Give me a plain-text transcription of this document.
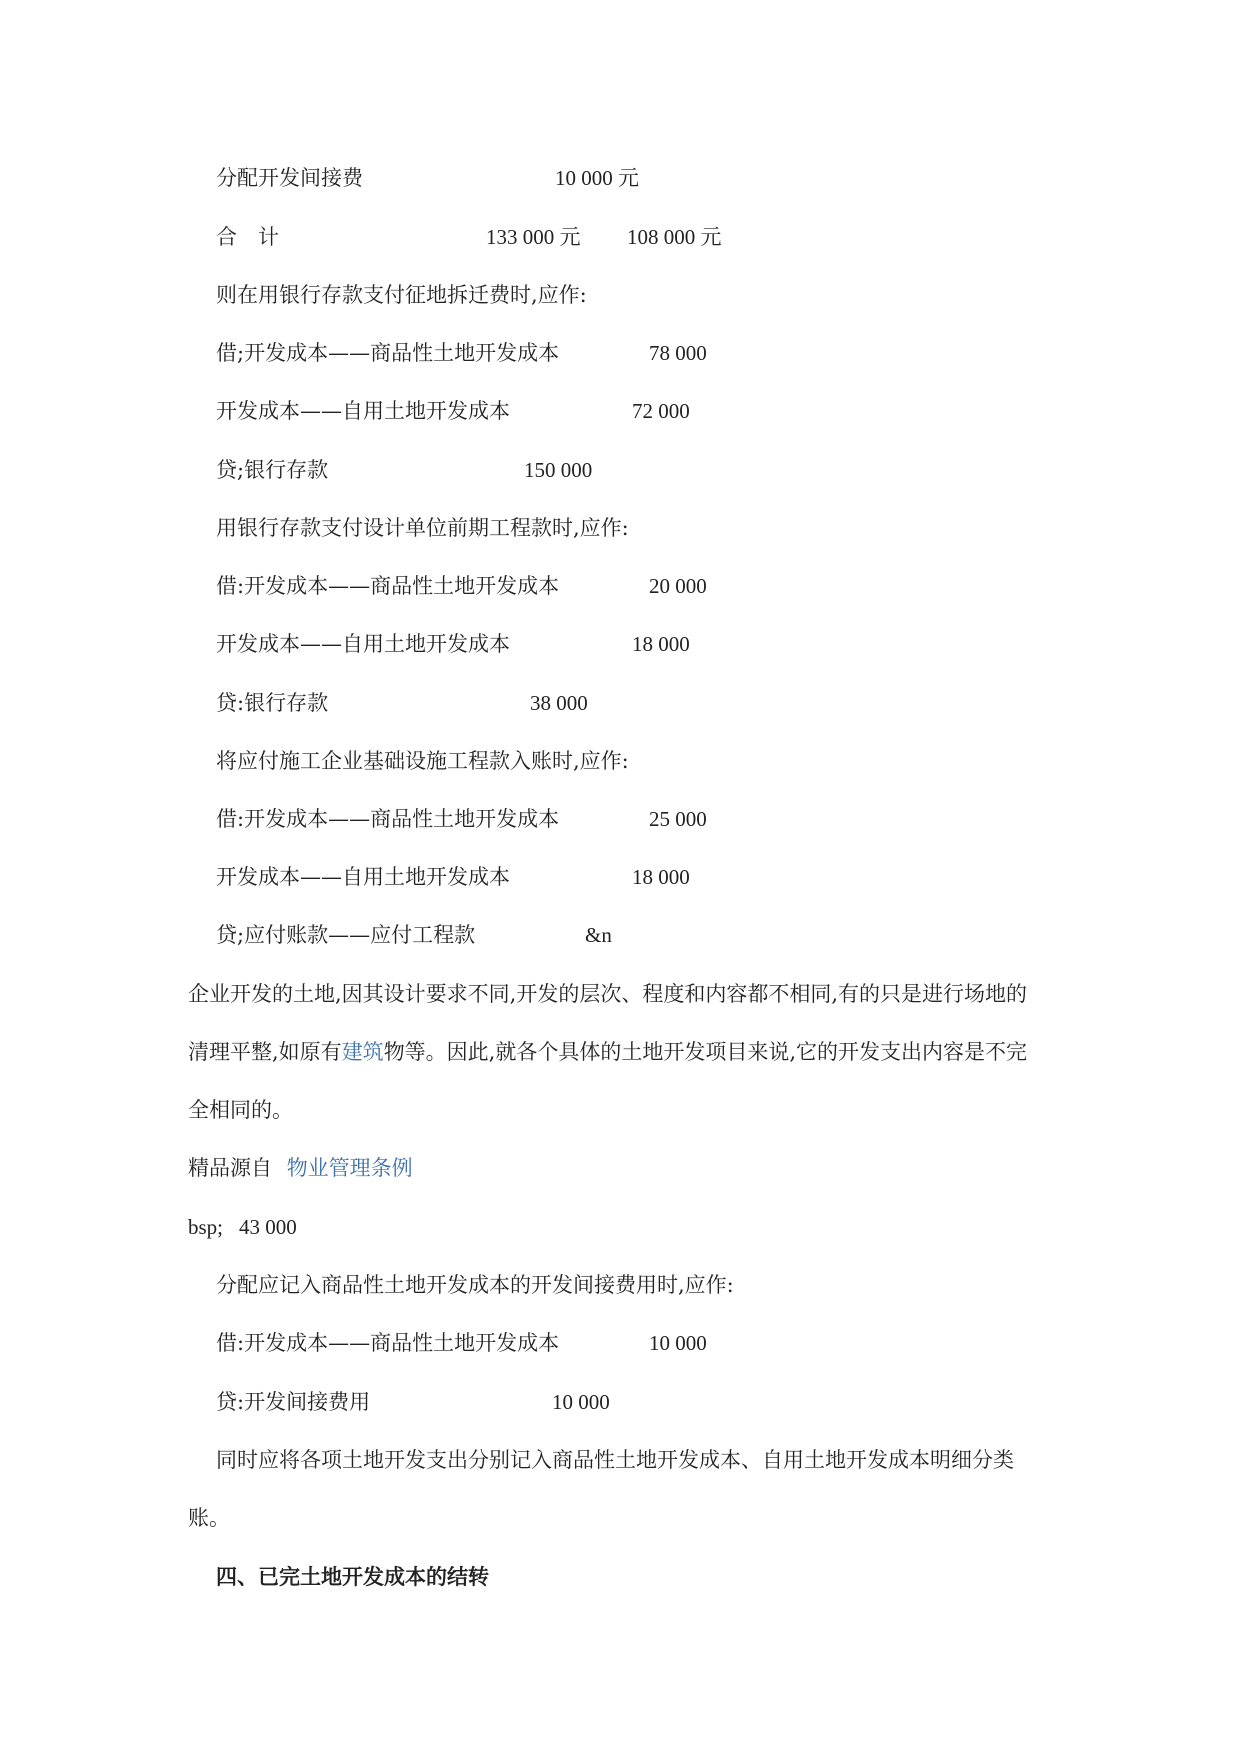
分配开发间接费	10 000 元
合　计	133 000 元 108 000 元
则在用银行存款支付征地拆迁费时,应作:
借;开发成本——商品性土地开发成本	78 000
开发成本——自用土地开发成本	72 000
贷;银行存款	150 000
用银行存款支付设计单位前期工程款时,应作:
借:开发成本——商品性土地开发成本	20 000
开发成本——自用土地开发成本	18 000
贷:银行存款	38 000
将应付施工企业基础设施工程款入账时,应作:
借:开发成本——商品性土地开发成本	25 000
开发成本——自用土地开发成本	18 000
贷;应付账款——应付工程款	&n
企业开发的土地,因其设计要求不同,开发的层次、程度和内容都不相同,有的只是进行场地的
清理平整,如原有建筑物等。因此,就各个具体的土地开发项目来说,它的开发支出内容是不完
全相同的。
精品源自 物业管理条例
bsp; 43 000
分配应记入商品性土地开发成本的开发间接费用时,应作:
借:开发成本——商品性土地开发成本	10 000
贷:开发间接费用	10 000
同时应将各项土地开发支出分别记入商品性土地开发成本、自用土地开发成本明细分类
账。
四、已完土地开发成本的结转
